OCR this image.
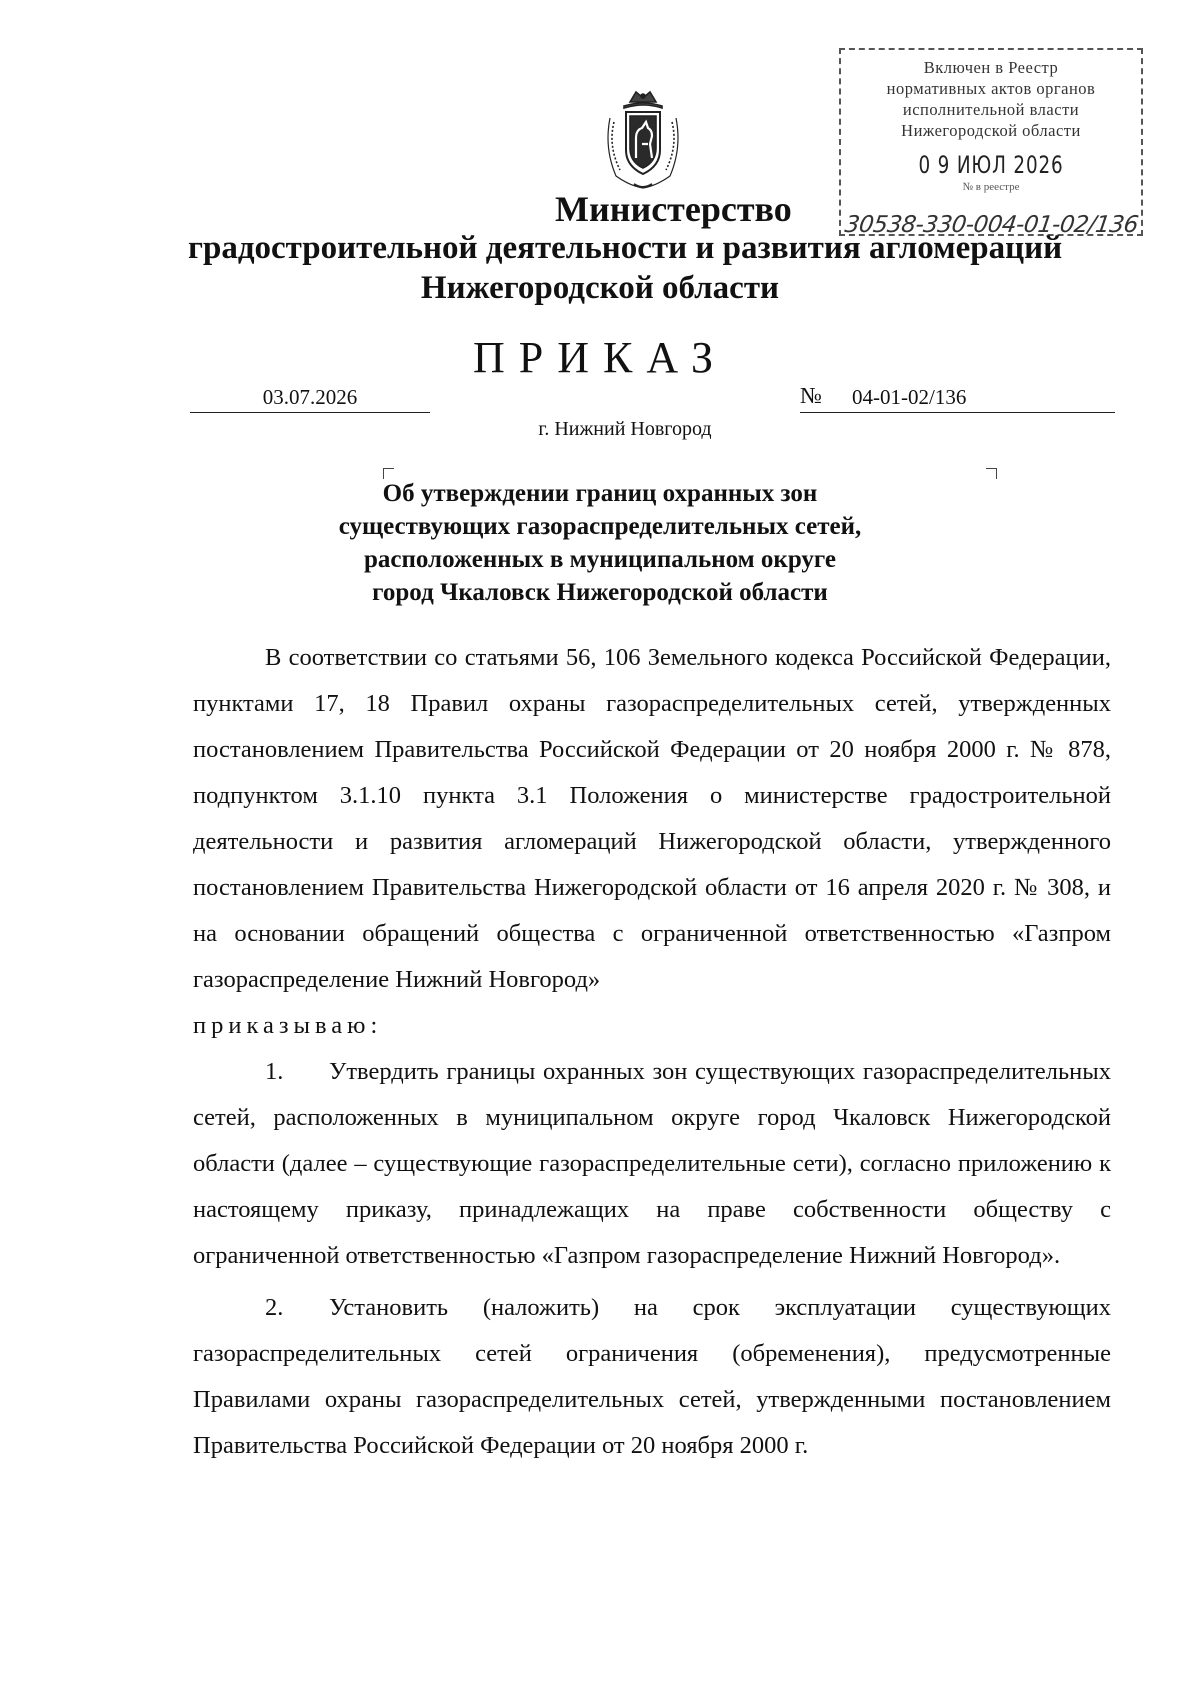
Включен в Реестр
нормативных актов органов
исполнительной власти
Нижегородской области
0 9 ИЮЛ 2026
№ в реестре
30538-330-004-01-02/136
Министерство
градостроительной деятельности и развития агломераций
Нижегородской области
ПРИКАЗ
03.07.2026	№	04-01-02/136
г. Нижний Новгород
Об утверждении границ охранных зон
существующих газораспределительных сетей,
расположенных в муниципальном округе
город Чкаловск Нижегородской области

В соответствии со статьями 56, 106 Земельного кодекса Российской Федерации, пунктами 17, 18 Правил охраны газораспределительных сетей, утвержденных постановлением Правительства Российской Федерации от 20 ноября 2000 г. № 878, подпунктом 3.1.10 пункта 3.1 Положения о министерстве градостроительной деятельности и развития агломераций Нижегородской области, утвержденного постановлением Правительства Нижегородской области от 16 апреля 2020 г. № 308, и на основании обращений общества с ограниченной ответственностью «Газпром газораспределение Нижний Новгород»

приказываю:

1. Утвердить границы охранных зон существующих газораспределительных сетей, расположенных в муниципальном округе город Чкаловск Нижегородской области (далее – существующие газораспределительные сети), согласно приложению к настоящему приказу, принадлежащих на праве собственности обществу с ограниченной ответственностью «Газпром газораспределение Нижний Новгород».

2. Установить (наложить) на срок эксплуатации существующих газораспределительных сетей ограничения (обременения), предусмотренные Правилами охраны газораспределительных сетей, утвержденными постановлением Правительства Российской Федерации от 20 ноября 2000 г.
